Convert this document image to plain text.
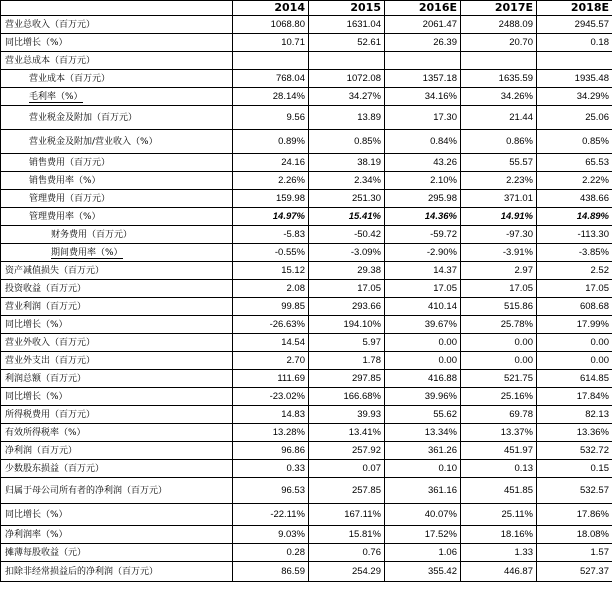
	2014	2015	2016E	2017E	2018E
营业总收入（百万元）	1068.80	1631.04	2061.47	2488.09	2945.57
同比增长（%）	10.71	52.61	26.39	20.70	0.18
营业总成本（百万元）					
营业成本（百万元）	768.04	1072.08	1357.18	1635.59	1935.48
毛利率（%）	28.14%	34.27%	34.16%	34.26%	34.29%
营业税金及附加（百万元）	9.56	13.89	17.30	21.44	25.06
营业税金及附加/营业收入（%）	0.89%	0.85%	0.84%	0.86%	0.85%
销售费用（百万元）	24.16	38.19	43.26	55.57	65.53
销售费用率（%）	2.26%	2.34%	2.10%	2.23%	2.22%
管理费用（百万元）	159.98	251.30	295.98	371.01	438.66
管理费用率（%）	14.97%	15.41%	14.36%	14.91%	14.89%
财务费用（百万元）	-5.83	-50.42	-59.72	-97.30	-113.30
期间费用率（%）	-0.55%	-3.09%	-2.90%	-3.91%	-3.85%
资产减值损失（百万元）	15.12	29.38	14.37	2.97	2.52
投资收益（百万元）	2.08	17.05	17.05	17.05	17.05
营业利润（百万元）	99.85	293.66	410.14	515.86	608.68
同比增长（%）	-26.63%	194.10%	39.67%	25.78%	17.99%
营业外收入（百万元）	14.54	5.97	0.00	0.00	0.00
营业外支出（百万元）	2.70	1.78	0.00	0.00	0.00
利润总额（百万元）	111.69	297.85	416.88	521.75	614.85
同比增长（%）	-23.02%	166.68%	39.96%	25.16%	17.84%
所得税费用（百万元）	14.83	39.93	55.62	69.78	82.13
有效所得税率（%）	13.28%	13.41%	13.34%	13.37%	13.36%
净利润（百万元）	96.86	257.92	361.26	451.97	532.72
少数股东损益（百万元）	0.33	0.07	0.10	0.13	0.15
归属于母公司所有者的净利润（百万元）	96.53	257.85	361.16	451.85	532.57
同比增长（%）	-22.11%	167.11%	40.07%	25.11%	17.86%
净利润率（%）	9.03%	15.81%	17.52%	18.16%	18.08%
摊薄每股收益（元）	0.28	0.76	1.06	1.33	1.57
扣除非经常损益后的净利润（百万元）	86.59	254.29	355.42	446.87	527.37
